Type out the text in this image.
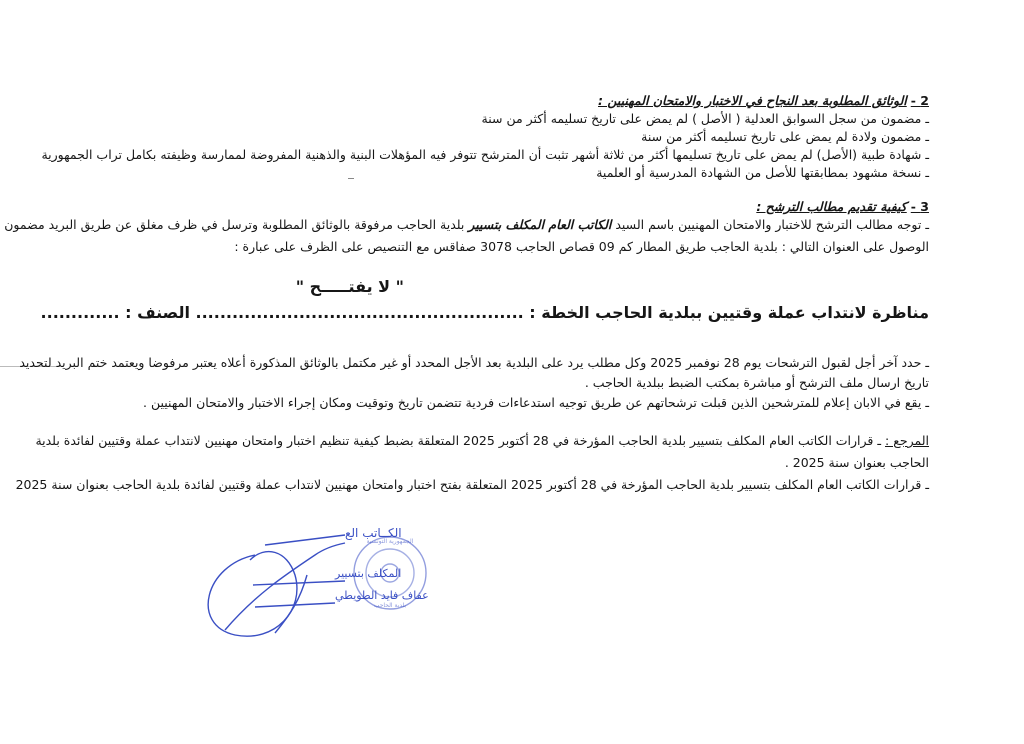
2 -الوثائق المطلوبة بعد النجاح في الاختبار والامتحان المهنيين :
ـ مضمون من سجل السوابق العدلية ( الأصل ) لم يمض على تاريخ تسليمه أكثر من سنة
ـ مضمون ولادة لم يمض على تاريخ تسليمه أكثر من سنة
ـ شهادة طبية (الأصل) لم يمض على تاريخ تسليمها أكثر من ثلاثة أشهر تثبت أن المترشح تتوفر فيه المؤهلات البنية والذهنية المفروضة لممارسة وظيفته بكامل تراب الجمهورية
ـ نسخة مشهود بمطابقتها للأصل من الشهادة المدرسية أو العلمية
3 -كيفية تقديم مطالب الترشح :
ـ توجه مطالب الترشح للاختبار والامتحان المهنيين باسم السيد الكاتب العام المكلف بتسيير بلدية الحاجب مرفوقة بالوثائق المطلوبة وترسل في ظرف مغلق عن طريق البريد مضمون
الوصول على العنوان التالي : بلدية الحاجب طريق المطار كم 09 قصاص الحاجب 3078 صفاقس مع التنصيص على الظرف على عبارة :
" لا يفتـــــح "
مناظرة لانتداب عملة وقتيين ببلدية الحاجب الخطة : ...................................................... الصنف : .............
ـ حدد آخر أجل لقبول الترشحات يوم 28 نوفمبر 2025 وكل مطلب يرد على البلدية بعد الأجل المحدد أو غير مكتمل بالوثائق المذكورة أعلاه يعتبر مرفوضا ويعتمد ختم البريد لتحديد
تاريخ ارسال ملف الترشح أو مباشرة بمكتب الضبط ببلدية الحاجب .
ـ يقع في الابان إعلام للمترشحين الذين قبلت ترشحاتهم عن طريق توجيه استدعاءات فردية تتضمن تاريخ وتوقيت ومكان إجراء الاختبار والامتحان المهنيين .
المرجع : ـ قرارات الكاتب العام المكلف بتسيير بلدية الحاجب المؤرخة في 28 أكتوبر 2025 المتعلقة بضبط كيفية تنظيم اختبار وامتحان مهنيين لانتداب عملة وقتيين لفائدة بلدية
الحاجب بعنوان سنة 2025 .
ـ قرارات الكاتب العام المكلف بتسيير بلدية الحاجب المؤرخة في 28 أكتوبر 2025 المتعلقة بفتح اختبار وامتحان مهنيين لانتداب عملة وقتيين لفائدة بلدية الحاجب بعنوان سنة 2025
الكــاتب الع
المكلف بتسيير
عفاف فايد الطويطي
الجمهورية التونسية
بلدية الحاجب
